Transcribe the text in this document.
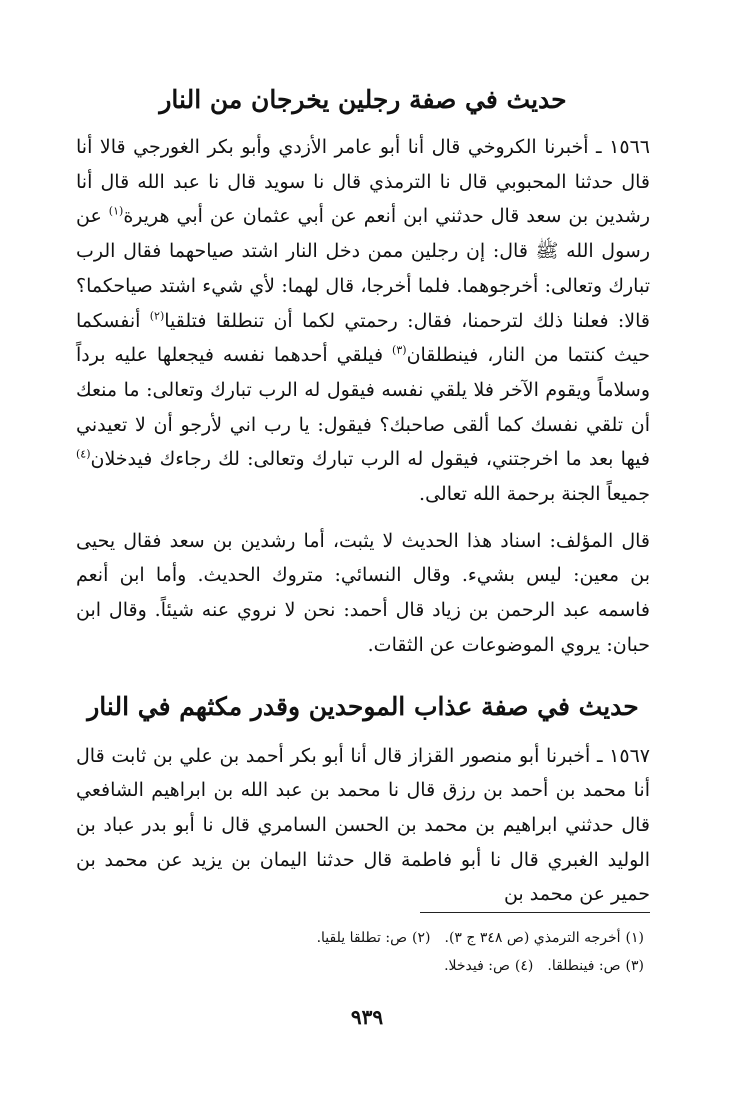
حديث في صفة رجلين يخرجان من النار

١٥٦٦ ـ أخبرنا الكروخي قال أنا أبو عامر الأزدي وأبو بكر الغورجي قالا أنا قال حدثنا المحبوبي قال نا الترمذي قال نا سويد قال نا عبد الله قال أنا رشدين بن سعد قال حدثني ابن أنعم عن أبي عثمان عن أبي هريرة$^{(١)}$ عن رسول الله ﷺ قال: إن رجلين ممن دخل النار اشتد صياحهما فقال الرب تبارك وتعالى: أخرجوهما. فلما أخرجا، قال لهما: لأي شيء اشتد صياحكما؟ قالا: فعلنا ذلك لترحمنا، فقال: رحمتي لكما أن تنطلقا فتلقيا$^{(٢)}$ أنفسكما حيث كنتما من النار، فينطلقان$^{(٣)}$ فيلقي أحدهما نفسه فيجعلها عليه برداً وسلاماً ويقوم الآخر فلا يلقي نفسه فيقول له الرب تبارك وتعالى: ما منعك أن تلقي نفسك كما ألقى صاحبك؟ فيقول: يا رب اني لأرجو أن لا تعيدني فيها بعد ما اخرجتني، فيقول له الرب تبارك وتعالى: لك رجاءك فيدخلان$^{(٤)}$ جميعاً الجنة برحمة الله تعالى.

قال المؤلف: اسناد هذا الحديث لا يثبت، أما رشدين بن سعد فقال يحيى بن معين: ليس بشيء. وقال النسائي: متروك الحديث. وأما ابن أنعم فاسمه عبد الرحمن بن زياد قال أحمد: نحن لا نروي عنه شيئاً. وقال ابن حبان: يروي الموضوعات عن الثقات.

حديث في صفة عذاب الموحدين وقدر مكثهم في النار

١٥٦٧ ـ أخبرنا أبو منصور القزاز قال أنا أبو بكر أحمد بن علي بن ثابت قال أنا محمد بن أحمد بن رزق قال نا محمد بن عبد الله بن ابراهيم الشافعي قال حدثني ابراهيم بن محمد بن الحسن السامري قال نا أبو بدر عباد بن الوليد الغبري قال نا أبو فاطمة قال حدثنا اليمان بن يزيد عن محمد بن حمير عن محمد بن

(١)أخرجه الترمذي (ص ٣٤٨ ج ٣).
(٢)ص: تطلقا يلقيا.
(٣)ص: فينطلقا.
(٤)ص: فيدخلا.
٩٣٩
